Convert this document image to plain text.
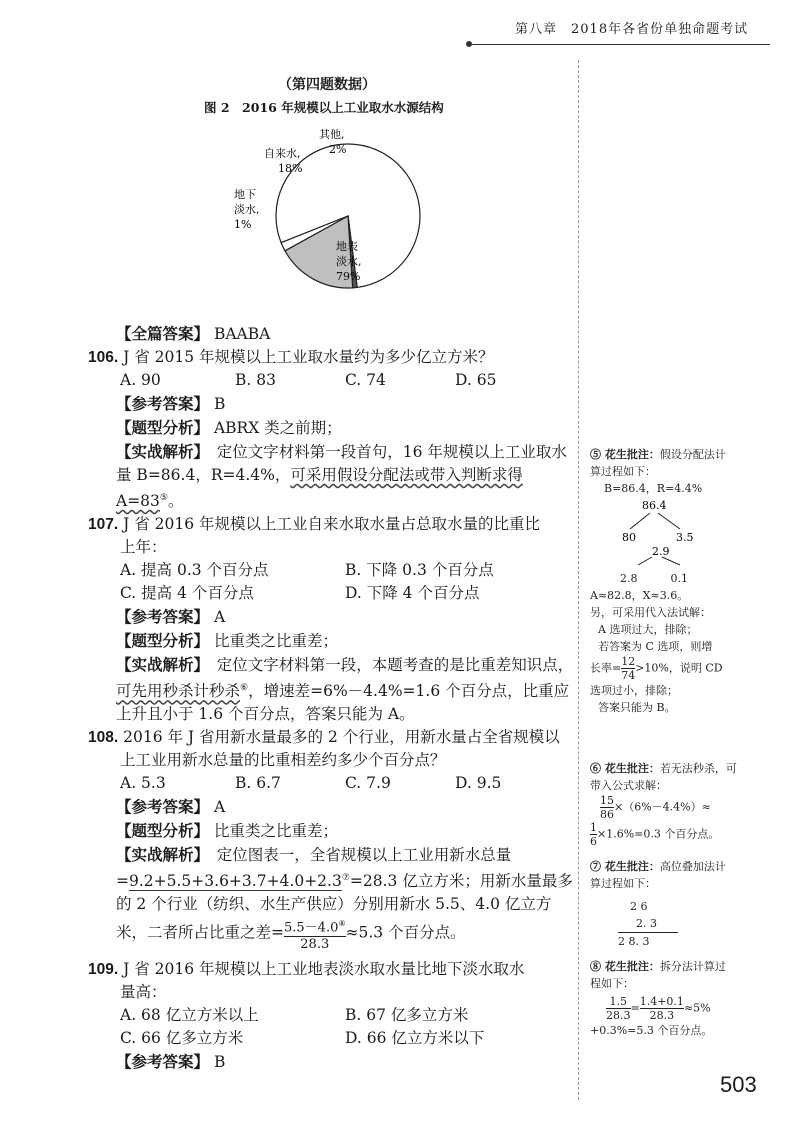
第八章　2018年各省份单独命题考试
（第四题数据）
图 2　2016 年规模以上工业取水水源结构
其他,
2%
自来水,
18%
地下
淡水,
1%
地表
淡水,
79%
【全篇答案】 BAABA
106. J 省 2015 年规模以上工业取水量约为多少亿立方米？
A. 90	B. 83	C. 74	D. 65
【参考答案】 B
【题型分析】 ABRX 类之前期；
【实战解析】　 定位文字材料第一段首句，16 年规模以上工业取水量 B=86.4，R=4.4%，可采用假设分配法或带入判断求得 A=83⑤。
107. J 省 2016 年规模以上工业自来水取水量占总取水量的比重比
上年：
A. 提高 0.3 个百分点	B. 下降 0.3 个百分点
C. 提高 4 个百分点	D. 下降 4 个百分点
【参考答案】 A
【题型分析】 比重类之比重差；
【实战解析】　 定位文字材料第一段，本题考查的是比重差知识点，可先用秒杀计秒杀⑥，增速差=6%－4.4%=1.6 个百分点，比重应上升且小于 1.6 个百分点，答案只能为 A。
108. 2016 年 J 省用新水量最多的 2 个行业，用新水量占全省规模以
上工业用新水总量的比重相差约多少个百分点？
A. 5.3	B. 6.7	C. 7.9	D. 9.5
【参考答案】 A
【题型分析】 比重类之比重差；
【实战解析】　 定位图表一，全省规模以上工业用新水总量=9.2+5.5+3.6+3.7+4.0+2.3⑦=28.3 亿立方米；用新水量最多的 2 个行业（纺织、水生产供应）分别用新水 5.5、4.0 亿立方米，二者所占比重之差= $\frac{5.5-4.0^⑧}{28.3} \approx 5.3$ 个百分点。
109. J 省 2016 年规模以上工业地表淡水取水量比地下淡水取水
量高：
A. 68 亿立方米以上	B. 67 亿多立方米
C. 66 亿多立方米	D. 66 亿立方米以下
【参考答案】 B
⑤ 花生批注：假设分配法计
算过程如下：
B=86.4，R=4.4%
86.4
80	3.5
2.9
2.8　　　	0.1
A≈82.8，X≈3.6。
另，可采用代入法试解：
A 选项过大，排除；
若答案为 C 选项，则增
长率= $\frac{12}{74} >10\%$，说明 CD
选项过小，排除；
答案只能为 B。
⑥ 花生批注：若无法秒杀，可
带入公式求解：
$\frac{15}{86} \times(6\%-4.4\%)\approx$
$\frac{1}{6} \times 1.6\%=0.3$ 个百分点。
⑦ 花生批注：高位叠加法计
算过程如下：
2 6
2. 3
2 8. 3
⑧ 花生批注：拆分法计算过
程如下：
$\frac{1.5}{28.3} = \frac{1.4+0.1}{28.3} \approx 5\%$
+0.3%=5.3 个百分点。
503
